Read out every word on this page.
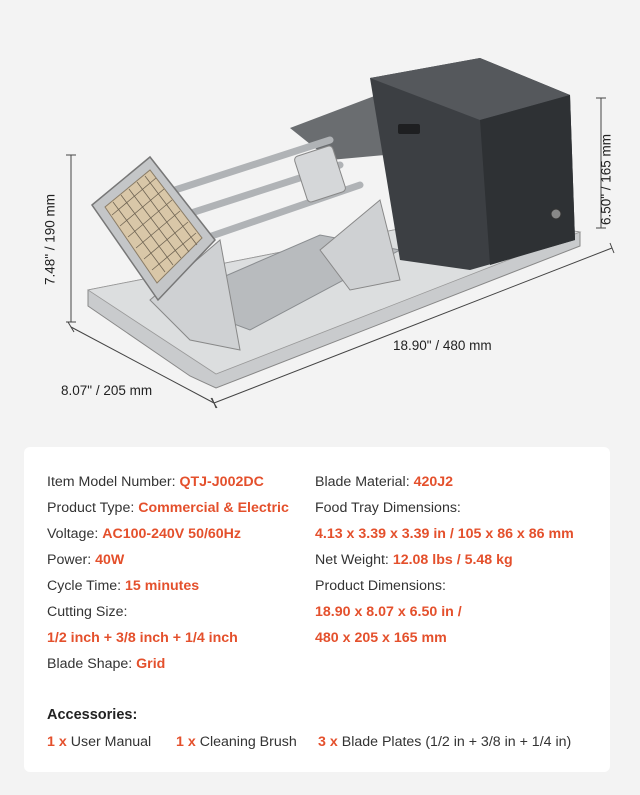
18.90" / 480 mm
8.07" / 205 mm
7.48" / 190 mm
6.50" / 165 mm
Item Model Number: QTJ-J002DC
Product Type: Commercial & Electric
Voltage: AC100-240V 50/60Hz
Power: 40W
Cycle Time: 15 minutes
Cutting Size:
1/2 inch + 3/8 inch + 1/4 inch
Blade Shape: Grid
Blade Material: 420J2
Food Tray Dimensions:
4.13 x 3.39 x 3.39 in / 105 x 86 x 86 mm
Net Weight: 12.08 lbs / 5.48 kg
Product Dimensions:
18.90 x 8.07 x 6.50 in /
480 x 205 x 165 mm
Accessories:
1 x User Manual 1 x Cleaning Brush 3 x Blade Plates (1/2 in + 3/8 in + 1/4 in)
